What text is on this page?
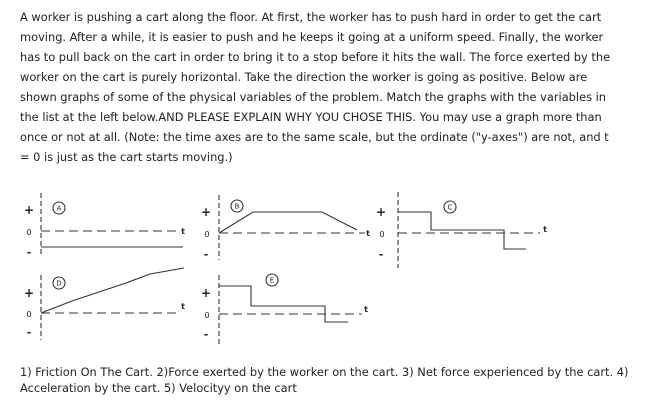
A worker is pushing a cart along the floor. At first, the worker has to push hard in order to get the cart moving. After a while, it is easier to push and he keeps it going at a uniform speed. Finally, the worker has to pull back on the cart in order to bring it to a stop before it hits the wall. The force exerted by the worker on the cart is purely horizontal. Take the direction the worker is going as positive. Below are shown graphs of some of the physical variables of the problem. Match the graphs with the variables in the list at the left below.AND PLEASE EXPLAIN WHY YOU CHOSE THIS. You may use a graph more than once or not at all. (Note: the time axes are to the same scale, but the ordinate ("y-axes") are not, and t = 0 is just as the cart starts moving.)

A
+
0
-
t
B
+
0
-
t
C
+
0
-
t
D
+
0
-
t
E
+
0
-
t

1) Friction On The Cart. 2)Force exerted by the worker on the cart. 3) Net force experienced by the cart. 4) Acceleration by the cart. 5) Velocityy on the cart
